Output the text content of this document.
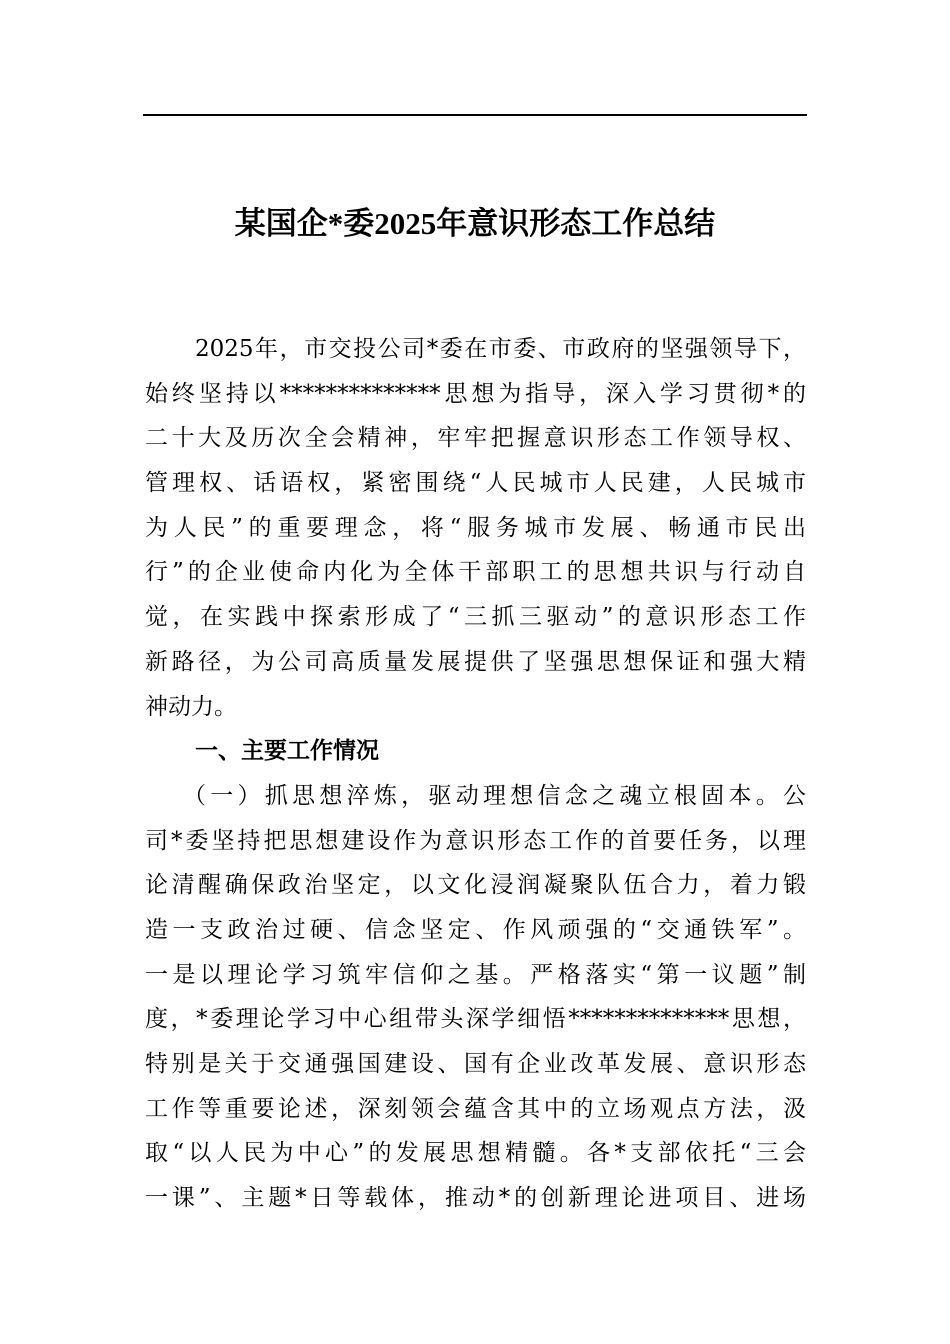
某国企*委2025年意识形态工作总结
2025年，市交投公司*委在市委、市政府的坚强领导下，
始终坚持以**************思想为指导，深入学习贯彻*的
二十大及历次全会精神，牢牢把握意识形态工作领导权、
管理权、话语权，紧密围绕“人民城市人民建，人民城市
为人民”的重要理念，将“服务城市发展、畅通市民出
行”的企业使命内化为全体干部职工的思想共识与行动自
觉，在实践中探索形成了“三抓三驱动”的意识形态工作
新路径，为公司高质量发展提供了坚强思想保证和强大精
神动力。
一、主要工作情况
（一）抓思想淬炼，驱动理想信念之魂立根固本。公
司*委坚持把思想建设作为意识形态工作的首要任务，以理
论清醒确保政治坚定，以文化浸润凝聚队伍合力，着力锻
造一支政治过硬、信念坚定、作风顽强的“交通铁军”。
一是以理论学习筑牢信仰之基。严格落实“第一议题”制
度，*委理论学习中心组带头深学细悟**************思想，
特别是关于交通强国建设、国有企业改革发展、意识形态
工作等重要论述，深刻领会蕴含其中的立场观点方法，汲
取“以人民为中心”的发展思想精髓。各*支部依托“三会
一课”、主题*日等载体，推动*的创新理论进项目、进场
